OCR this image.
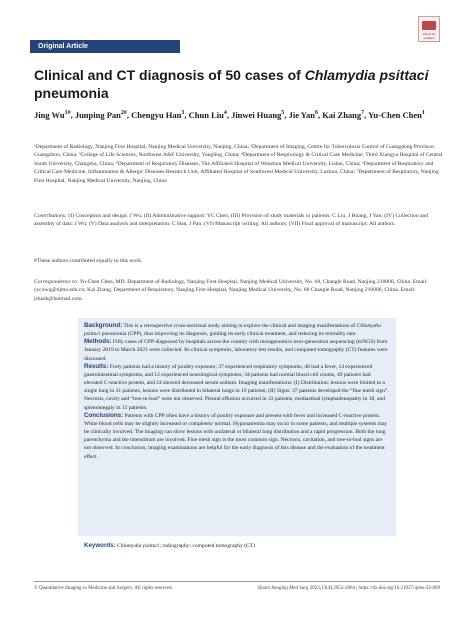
Original Article
Check for updates
Clinical and CT diagnosis of 50 cases of Chlamydia psittaci pneumonia
Jing $Wu^{1\#}$, Junping Pan$^{2\#}$, Chengyu Han$^3$, Chun Liu$^4$, Jinwei Huang$^5$, Jie Yan$^6$, Kai Zhang$^7$, Yu-Chen Chen$^1$
¹Department of Radiology, Nanjing First Hospital, Nanjing Medical University, Nanjing, China; ²Department of Imaging, Centre for Tuberculosis Control of Guangdong Province, Guangzhou, China; ³College of Life Sciences, Northwest A&F University, Yangling, China; ⁴Department of Respirology & Critical Care Medicine, Third Xiangya Hospital of Central South University, Changsha, China; ⁵Department of Respiratory Diseases, The Affiliated Hospital of Wenzhou Medical University, Lishui, China; ⁶Department of Respiratory and Critical Care Medicine, Inflammation & Allergic Diseases Research Unit, Affiliated Hospital of Southwest Medical University, Luzhou, China; ⁷Department of Respiratory, Nanjing First Hospital, Nanjing Medical University, Nanjing, China
Contributions: (I) Conception and design: J Wu; (II) Administrative support: YC Chen; (III) Provision of study materials or patients: C Liu, J Huang, J Yan; (IV) Collection and assembly of data: J Wu; (V) Data analysis and interpretation: C Han, J Pan; (VI) Manuscript writing: All authors; (VII) Final approval of manuscript: All authors.
#These authors contributed equally to this work.
Correspondence to: Yu-Chen Chen, MD. Department of Radiology, Nanjing First Hospital, Nanjing Medical University, No. 68, Changle Road, Nanjing 210006, China. Email: cycxwq@njmu.edu.cn; Kai Zhang. Department of Respiratory, Nanjing First Hospital, Nanjing Medical University, No. 68 Changle Road, Nanjing 210006, China. Email: jshazk@hotmail.com.

Background: This is a retrospective cross-sectional study aiming to explore the clinical and imaging manifestations of Chlamydia psittaci pneumonia (CPP), thus improving its diagnosis, guiding its early clinical treatment, and reducing its mortality rate.

Methods: Fifty cases of CPP diagnosed by hospitals across the country with metagenomics next-generation sequencing (mNGS) from January 2019 to March 2021 were collected. Its clinical symptoms, laboratory test results, and computed tomography (CT) features were discussed.

Results: Forty patients had a history of poultry exposure; 37 experienced respiratory symptoms, 48 had a fever, 14 experienced gastrointestinal symptoms, and 12 experienced neurological symptoms; 34 patients had normal blood cell counts, 49 patients had elevated C-reactive protein, and 24 showed decreased serum sodium. Imaging manifestations: (I) Distribution: lesions were limited to a single lung in 31 patients, lesions were distributed in bilateral lungs in 19 patients; (II) Signs: 37 patients developed the “fine mesh sign”. Necrosis, cavity and “tree-in-bud” were not observed. Pleural effusion occurred in 33 patients, mediastinal lymphadenopathy in 18, and splenomegaly in 15 patients.

Conclusions: Patients with CPP often have a history of poultry exposure and present with fever and increased C-reactive protein. White blood cells may be slightly increased or completely normal. Hyponatremia may occur in some patients, and multiple systems may be clinically involved. The imaging can show lesions with unilateral or bilateral lung distribution and a rapid progression. Both the lung parenchyma and the interstitium are involved. Fine mesh sign is the most common sign. Necrosis, cavitation, and tree-in-bud signs are not observed. In conclusion, imaging examinations are helpful for the early diagnosis of this disease and the evaluation of the treatment effect.

Keywords: Chlamydia psittaci; radiography; computed tomography (CT)
© Quantitative Imaging in Medicine and Surgery. All rights reserved.	Quant Imaging Med Surg 2023;13(4):2053-2064 | https://dx.doi.org/10.21037/qims-22-809
